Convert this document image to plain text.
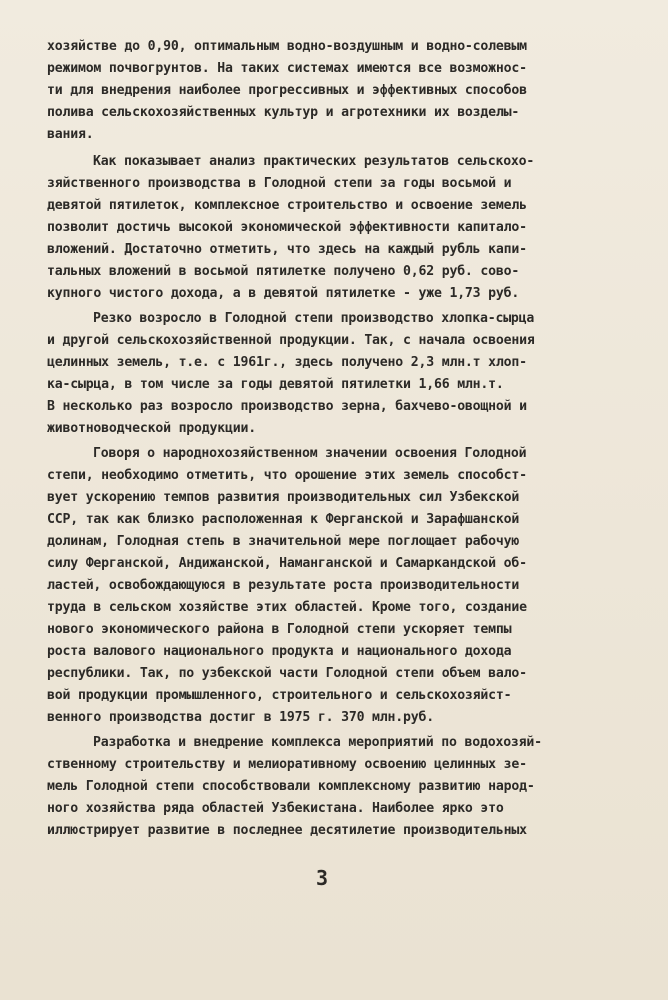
хозяйстве до 0,90, оптимальным водно-воздушным и водно-солевым
режимом почвогрунтов. На таких системах имеются все возможнос-
ти для внедрения наиболее прогрессивных и эффективных способов
полива сельскохозяйственных культур и агротехники их возделы-
вания.
Как показывает анализ практических результатов сельскохо-
зяйственного производства в Голодной степи за годы восьмой и
девятой пятилеток, комплексное строительство и освоение земель
позволит достичь высокой экономической эффективности капитало-
вложений. Достаточно отметить, что здесь на каждый рубль капи-
тальных вложений в восьмой пятилетке получено 0,62 руб. сово-
купного чистого дохода, а в девятой пятилетке - уже 1,73 руб.
Резко возросло в Голодной степи производство хлопка-сырца
и другой сельскохозяйственной продукции. Так, с начала освоения
целинных земель, т.е. с 1961г., здесь получено 2,3 млн.т хлоп-
ка-сырца, в том числе за годы девятой пятилетки 1,66 млн.т.
В несколько раз возросло производство зерна, бахчево-овощной и
животноводческой продукции.
Говоря о народнохозяйственном значении освоения Голодной
степи, необходимо отметить, что орошение этих земель способст-
вует ускорению темпов развития производительных сил Узбекской
ССР, так как близко расположенная к Ферганской и Зарафшанской
долинам, Голодная степь в значительной мере поглощает рабочую
силу Ферганской, Андижанской, Наманганской и Самаркандской об-
ластей, освобождающуюся в результате роста производительности
труда в сельском хозяйстве этих областей. Кроме того, создание
нового экономического района в Голодной степи ускоряет темпы
роста валового национального продукта и национального дохода
республики. Так, по узбекской части Голодной степи объем вало-
вой продукции промышленного, строительного и сельскохозяйст-
венного производства достиг в 1975 г. 370 млн.руб.
Разработка и внедрение комплекса мероприятий по водохозяй-
ственному строительству и мелиоративному освоению целинных зе-
мель Голодной степи способствовали комплексному развитию народ-
ного хозяйства ряда областей Узбекистана. Наиболее ярко это
иллюстрирует развитие в последнее десятилетие производительных
3
